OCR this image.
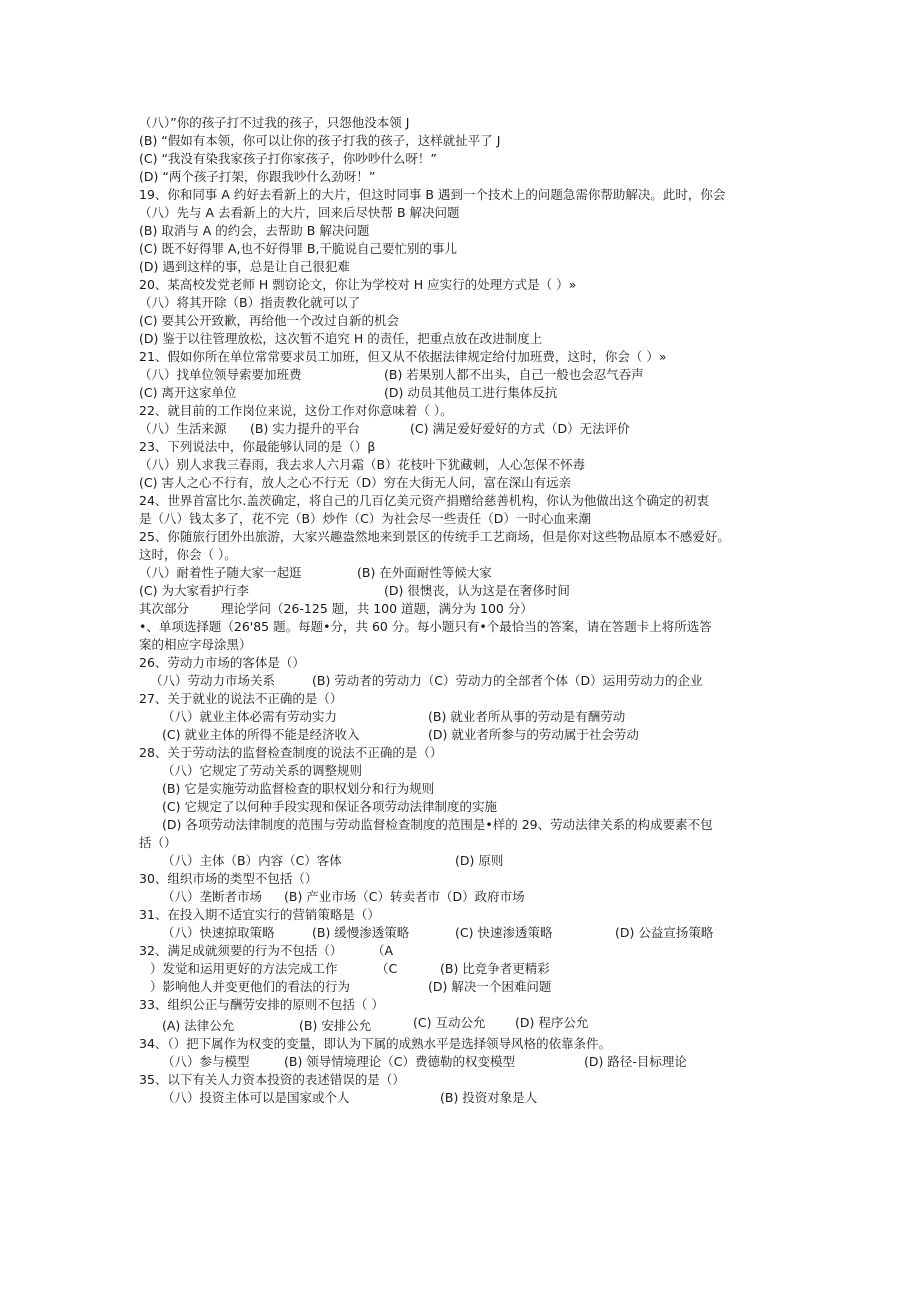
（八）”你的孩子打不过我的孩子，只怨他没本领 J
(B) “假如有本领，你可以让你的孩子打我的孩子，这样就扯平了 J
(C) “我没有染我家孩子打你家孩子，你吵吵什么呀！”
(D) “两个孩子打架，你跟我吵什么劲呀！”
19、你和同事 A 约好去看新上的大片，但这时同事 B 遇到一个技术上的问题急需你帮助解决。此时，你会
（八）先与 A 去看新上的大片，回来后尽快帮 B 解决问题
(B) 取消与 A 的约会，去帮助 B 解决问题
(C) 既不好得罪 A,也不好得罪 B,干脆说自己要忙别的事儿
(D) 遇到这样的事，总是让自己很犯难
20、某高校发党老师 H 剽窃论文，你让为学校对 H 应实行的处理方式是（ ）»
（八）将其开除（B）指责教化就可以了
(C) 要其公开致歉，再给他一个改过自新的机会
(D) 鉴于以往管理放松，这次暂不追究 H 的责任，把重点放在改进制度上
21、假如你所在单位常常要求员工加班，但又从不依据法律规定给付加班费，这时，你会（ ）»
（八）找单位领导索要加班费	(B) 若果别人都不出头，自己一般也会忍气吞声
(C) 离开这家单位	(D) 动员其他员工进行集体反抗
22、就目前的工作岗位来说，这份工作对你意味着（ ）。
（八）生活来源 (B) 实力提升的平台	(C) 满足爱好爱好的方式（D）无法评价
23、下列说法中，你最能够认同的是（）β
（八）别人求我三春雨，我去求人六月霜（B）花枝叶下犹藏刺，人心怎保不怀毒
(C) 害人之心不行有，放人之心不行无（D）穷在大街无人问，富在深山有远亲
24、世界首富比尔.盖茨确定，将自己的几百亿美元资产捐赠给慈善机构，你认为他做出这个确定的初衷
是（八）钱太多了，花不完（B）炒作（C）为社会尽一些责任（D）一时心血来潮
25、你随旅行团外出旅游，大家兴趣盎然地来到景区的传统手工艺商场，但是你对这些物品原本不感爱好。
这时，你会（ ）。
（八）耐着性子随大家一起逛	(B) 在外面耐性等候大家
(C) 为大家看护行李	(D) 很懊丧，认为这是在奢侈时间
其次部分	理论学问（26-125 题，共 100 道题，满分为 100 分）
•、单项选择题（26'85 题。每题•分，共 60 分。每小题只有•个最恰当的答案，请在答题卡上将所选答
案的相应字母涂黑）
26、劳动力市场的客体是（）
（八）劳动力市场关系	(B) 劳动者的劳动力（C）劳动力的全部者个体（D）运用劳动力的企业
27、关于就业的说法不正确的是（）
（八）就业主体必需有劳动实力	(B) 就业者所从事的劳动是有酬劳动
(C) 就业主体的所得不能是经济收入	(D) 就业者所参与的劳动属于社会劳动
28、关于劳动法的监督检查制度的说法不正确的是（）
（八）它规定了劳动关系的调整规则
(B) 它是实施劳动监督检查的职权划分和行为规则
(C) 它规定了以何种手段实现和保证各项劳动法律制度的实施
(D) 各项劳动法律制度的范围与劳动监督检查制度的范围是•样的 29、劳动法律关系的构成要素不包
括（）
（八）主体（B）内容（C）客体	(D) 原则
30、组织市场的类型不包括（）
（八）垄断者市场 (B) 产业市场（C）转卖者市（D）政府市场
31、在投入期不适宜实行的营销策略是（）
（八）快速掠取策略	(B) 缓慢渗透策略	(C) 快速渗透策略	(D) 公益宣扬策略
32、满足成就须要的行为不包括（） （A
）发觉和运用更好的方法完成工作	（C	(B) 比竞争者更精彩
）影响他人并变更他们的看法的行为	(D) 解决一个困难问题
33、组织公正与酬劳安排的原则不包括（ ）
(A) 法律公允	(B) 安排公允	(C) 互动公允 (D) 程序公允
34、（）把下属作为权变的变量，即认为下属的成熟水平是选择领导风格的依靠条件。
（八）参与模型	(B) 领导情境理论（C）费德勒的权变模型	(D) 路径-目标理论
35、以下有关人力资本投资的表述错误的是（）
（八）投资主体可以是国家或个人	(B) 投资对象是人
